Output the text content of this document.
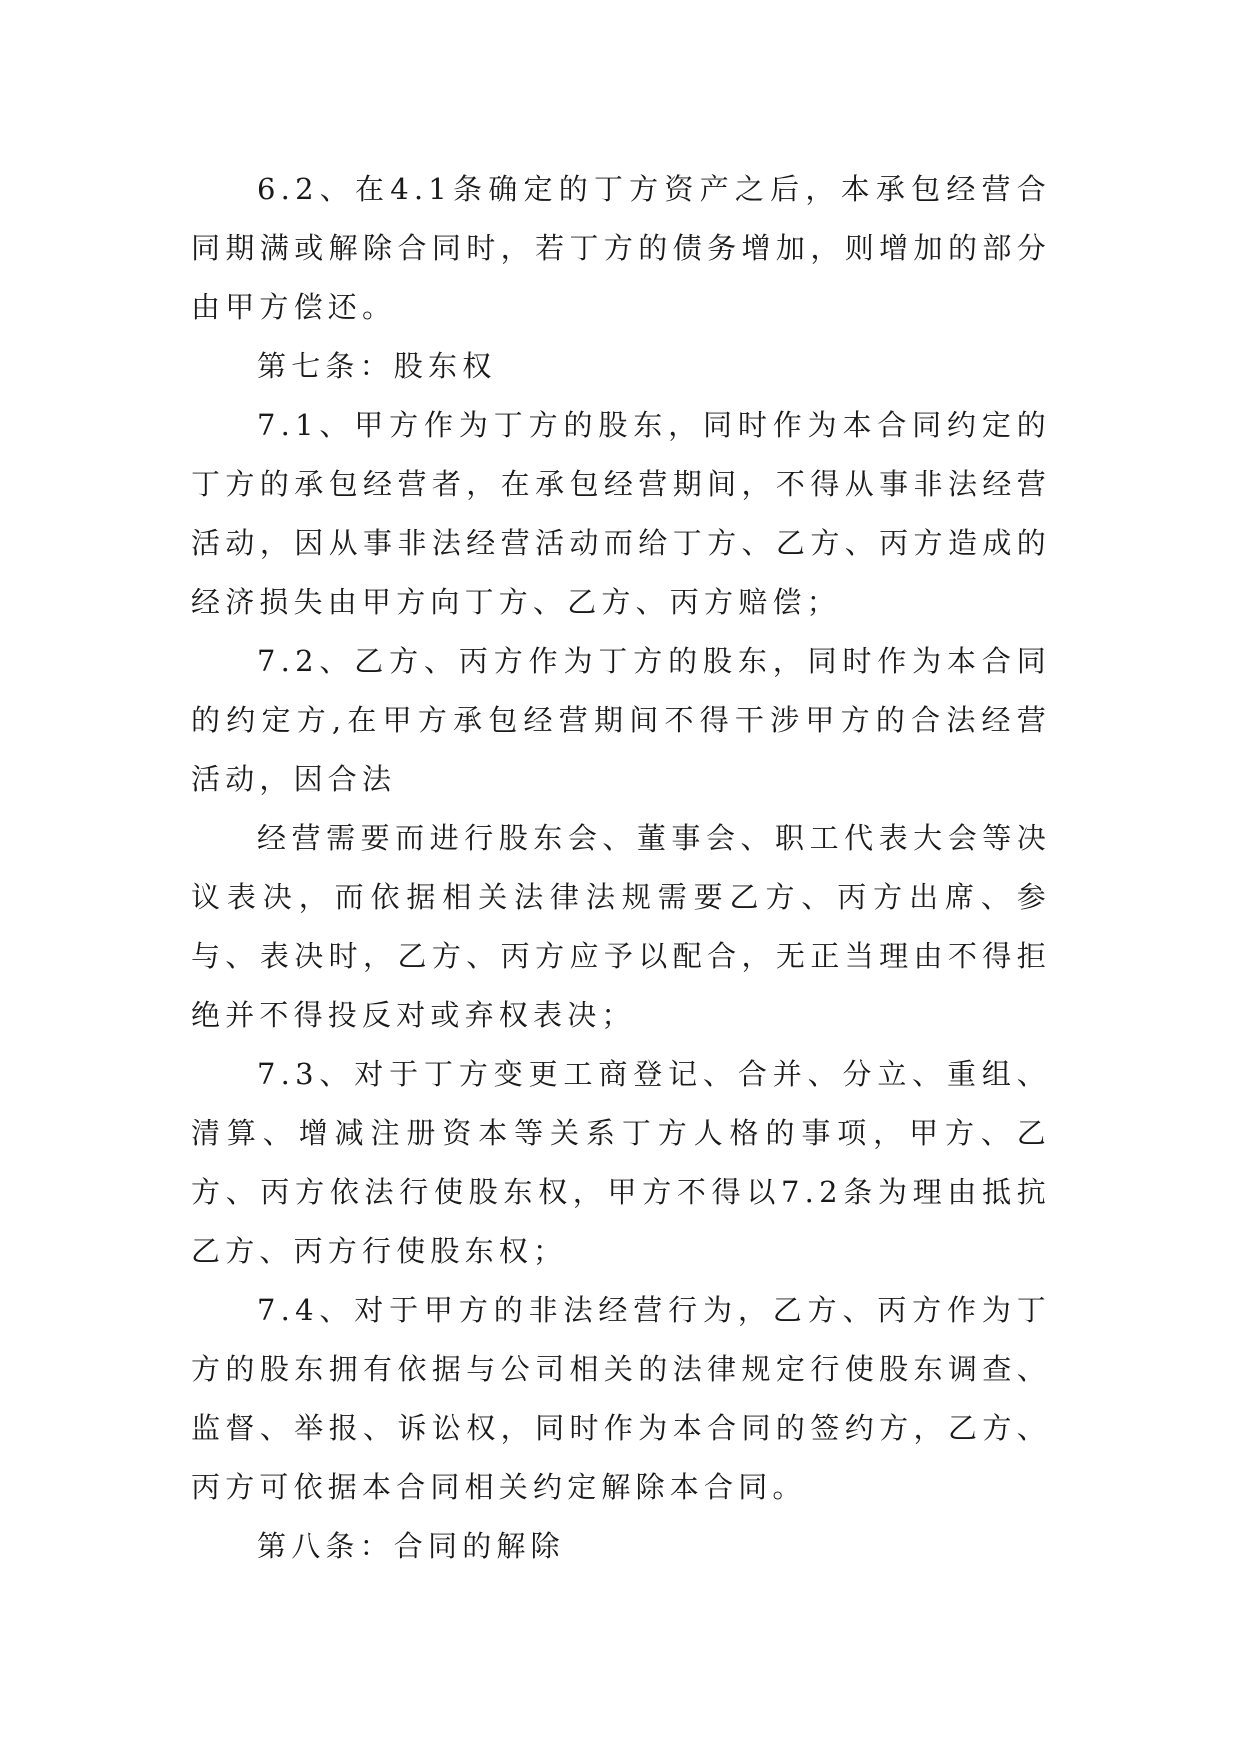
6.2、在4.1条确定的丁方资产之后，本承包经营合同期满或解除合同时，若丁方的债务增加，则增加的部分由甲方偿还。

第七条：股东权

7.1、甲方作为丁方的股东，同时作为本合同约定的丁方的承包经营者，在承包经营期间，不得从事非法经营活动，因从事非法经营活动而给丁方、乙方、丙方造成的经济损失由甲方向丁方、乙方、丙方赔偿；

7.2、乙方、丙方作为丁方的股东，同时作为本合同的约定方,在甲方承包经营期间不得干涉甲方的合法经营活动，因合法

经营需要而进行股东会、董事会、职工代表大会等决议表决，而依据相关法律法规需要乙方、丙方出席、参与、表决时，乙方、丙方应予以配合，无正当理由不得拒绝并不得投反对或弃权表决；

7.3、对于丁方变更工商登记、合并、分立、重组、清算、增减注册资本等关系丁方人格的事项，甲方、乙方、丙方依法行使股东权，甲方不得以7.2条为理由抵抗乙方、丙方行使股东权；

7.4、对于甲方的非法经营行为，乙方、丙方作为丁方的股东拥有依据与公司相关的法律规定行使股东调查、监督、举报、诉讼权，同时作为本合同的签约方，乙方、丙方可依据本合同相关约定解除本合同。

第八条：合同的解除
